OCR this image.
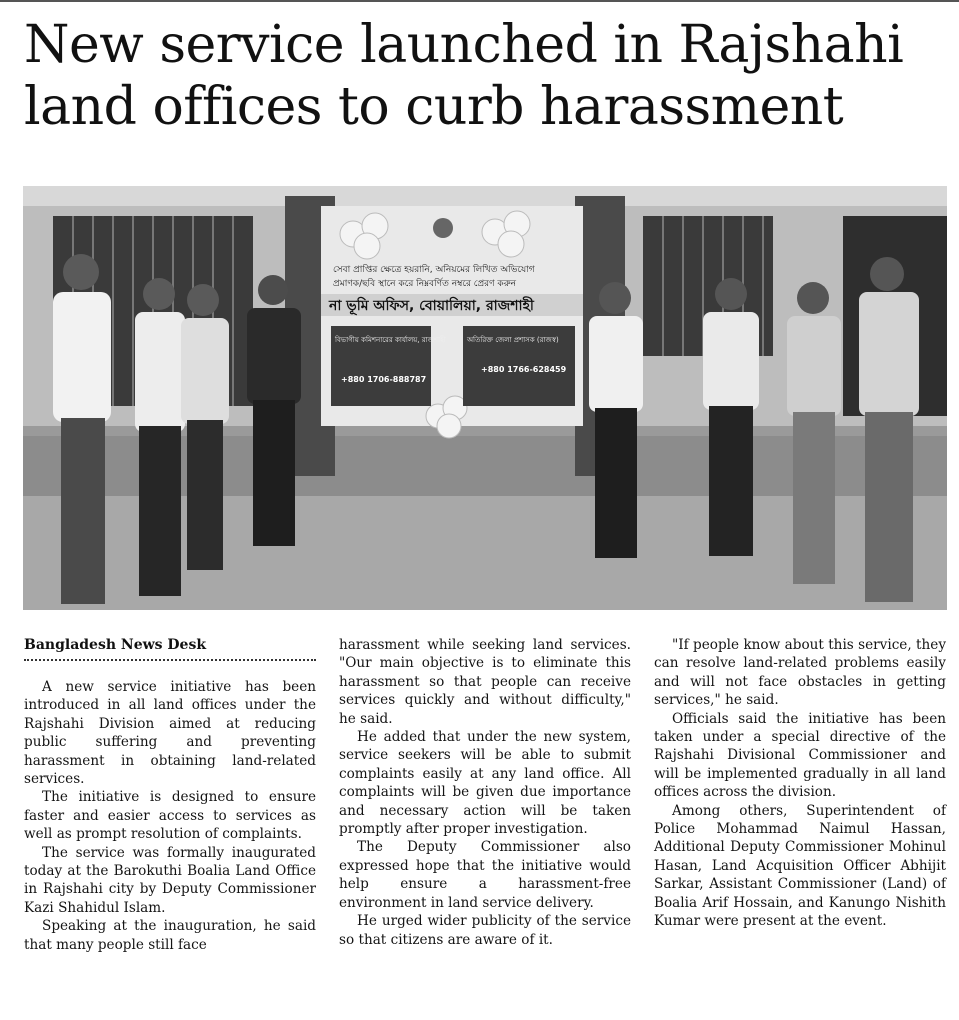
New service launched in Rajshahi land offices to curb harassment
সেবা প্রাপ্তির ক্ষেত্রে হয়রানি, অনিয়মের লিখিত অভিযোগ
প্রমাণক/ছবি স্থানে করে নিম্নবর্ণিত নম্বরে প্রেরণ করুন
না ভূমি অফিস, বোয়ালিয়া, রাজশাহী
বিভাগীয় কমিশনারের কার্যালয়, রাজশাহী
+880 1706-888787
অতিরিক্ত জেলা প্রশাসক (রাজস্ব)
+880 1766-628459
Bangladesh News Desk

A new service initiative has been introduced in all land offices under the Rajshahi Division aimed at reducing public suffering and preventing harassment in obtaining land-related services.

The initiative is designed to ensure faster and easier access to services as well as prompt resolution of complaints.

The service was formally inaugurated today at the Barokuthi Boalia Land Office in Rajshahi city by Deputy Commissioner Kazi Shahidul Islam.

Speaking at the inauguration, he said that many people still face

harassment while seeking land services. "Our main objective is to eliminate this harassment so that people can receive services quickly and without difficulty," he said.

He added that under the new system, service seekers will be able to submit complaints easily at any land office. All complaints will be given due importance and necessary action will be taken promptly after proper investigation.

The Deputy Commissioner also expressed hope that the initiative would help ensure a harassment-free environment in land service delivery.

He urged wider publicity of the service so that citizens are aware of it.

"If people know about this service, they can resolve land-related problems easily and will not face obstacles in getting services," he said.

Officials said the initiative has been taken under a special directive of the Rajshahi Divisional Commissioner and will be implemented gradually in all land offices across the division.

Among others, Superintendent of Police Mohammad Naimul Hassan, Additional Deputy Commissioner Mohinul Hasan, Land Acquisition Officer Abhijit Sarkar, Assistant Commissioner (Land) of Boalia Arif Hossain, and Kanungo Nishith Kumar were present at the event.
